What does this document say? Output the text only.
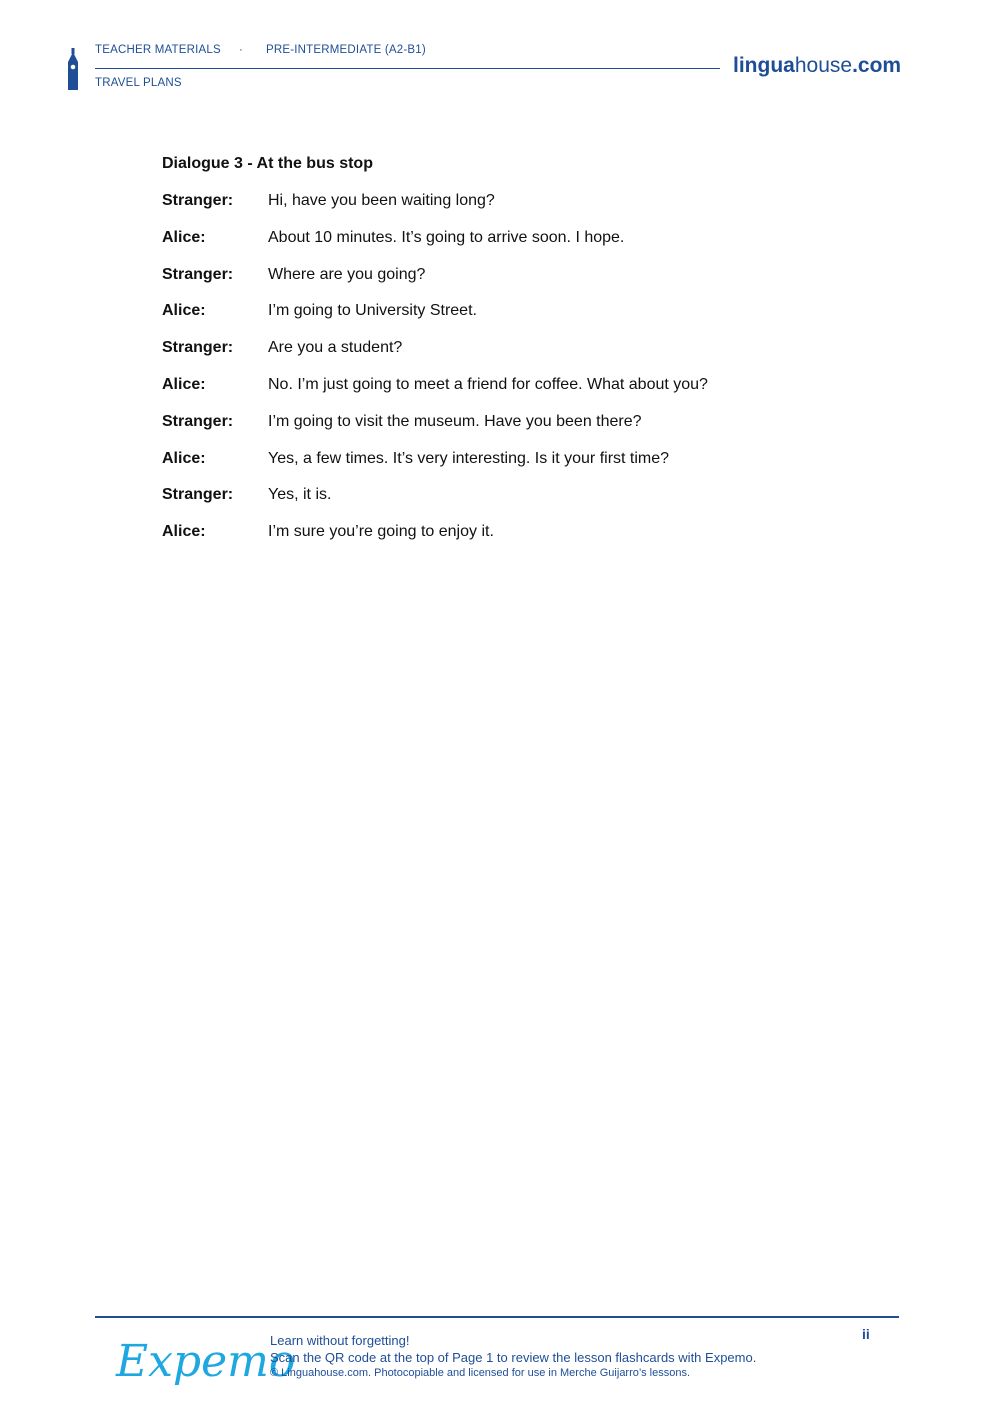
TEACHER MATERIALS · PRE-INTERMEDIATE (A2-B1)
TRAVEL PLANS
linguahouse.com
Dialogue 3 - At the bus stop
Stranger: Hi, have you been waiting long?
Alice:	About 10 minutes. It’s going to arrive soon. I hope.
Stranger: Where are you going?
Alice:	I’m going to University Street.
Stranger: Are you a student?
Alice:	No. I’m just going to meet a friend for coffee. What about you?
Stranger: I’m going to visit the museum. Have you been there?
Alice:	Yes, a few times. It’s very interesting. Is it your first time?
Stranger: Yes, it is.
Alice:	I’m sure you’re going to enjoy it.
Expemo
Learn without forgetting!
Scan the QR code at the top of Page 1 to review the lesson flashcards with Expemo.
© Linguahouse.com. Photocopiable and licensed for use in Merche Guijarro’s lessons.
ii
